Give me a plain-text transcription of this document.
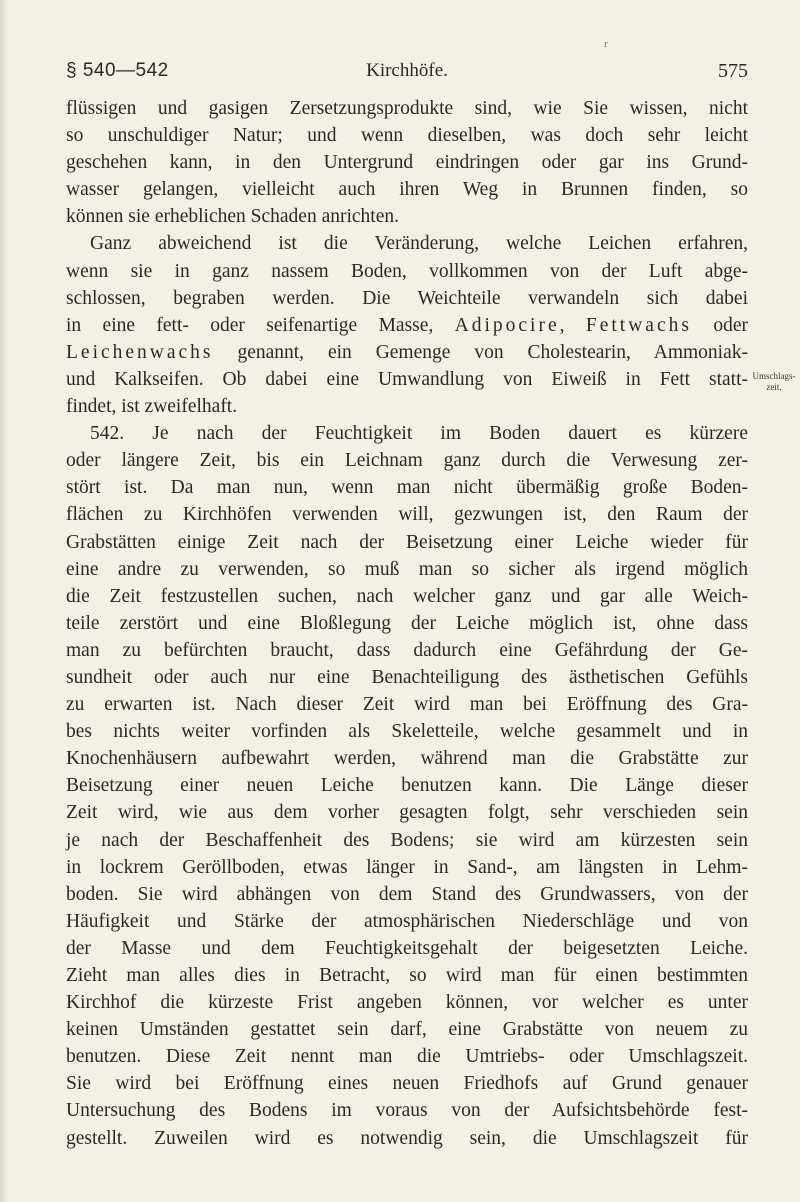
r
§ 540—542	Kirchhöfe.	575
flüssigen und gasigen Zersetzungsprodukte sind, wie Sie wissen, nicht
so unschuldiger Natur; und wenn dieselben, was doch sehr leicht
geschehen kann, in den Untergrund eindringen oder gar ins Grund-
wasser gelangen, vielleicht auch ihren Weg in Brunnen finden, so
können sie erheblichen Schaden anrichten.
Ganz abweichend ist die Veränderung, welche Leichen erfahren,
wenn sie in ganz nassem Boden, vollkommen von der Luft abge-
schlossen, begraben werden. Die Weichteile verwandeln sich dabei
in eine fett- oder seifenartige Masse, Adipocire, Fettwachs oder
Leichenwachs genannt, ein Gemenge von Cholestearin, Ammoniak-
und Kalkseifen. Ob dabei eine Umwandlung von Eiweiß in Fett statt-
findet, ist zweifelhaft.
542. Je nach der Feuchtigkeit im Boden dauert es kürzere
oder längere Zeit, bis ein Leichnam ganz durch die Verwesung zer-
stört ist. Da man nun, wenn man nicht übermäßig große Boden-
flächen zu Kirchhöfen verwenden will, gezwungen ist, den Raum der
Grabstätten einige Zeit nach der Beisetzung einer Leiche wieder für
eine andre zu verwenden, so muß man so sicher als irgend möglich
die Zeit festzustellen suchen, nach welcher ganz und gar alle Weich-
teile zerstört und eine Bloßlegung der Leiche möglich ist, ohne dass
man zu befürchten braucht, dass dadurch eine Gefährdung der Ge-
sundheit oder auch nur eine Benachteiligung des ästhetischen Gefühls
zu erwarten ist. Nach dieser Zeit wird man bei Eröffnung des Gra-
bes nichts weiter vorfinden als Skeletteile, welche gesammelt und in
Knochenhäusern aufbewahrt werden, während man die Grabstätte zur
Beisetzung einer neuen Leiche benutzen kann. Die Länge dieser
Zeit wird, wie aus dem vorher gesagten folgt, sehr verschieden sein
je nach der Beschaffenheit des Bodens; sie wird am kürzesten sein
in lockrem Geröllboden, etwas länger in Sand-, am längsten in Lehm-
boden. Sie wird abhängen von dem Stand des Grundwassers, von der
Häufigkeit und Stärke der atmosphärischen Niederschläge und von
der Masse und dem Feuchtigkeitsgehalt der beigesetzten Leiche.
Zieht man alles dies in Betracht, so wird man für einen bestimmten
Kirchhof die kürzeste Frist angeben können, vor welcher es unter
keinen Umständen gestattet sein darf, eine Grabstätte von neuem zu
benutzen. Diese Zeit nennt man die Umtriebs- oder Umschlagszeit.
Sie wird bei Eröffnung eines neuen Friedhofs auf Grund genauer
Untersuchung des Bodens im voraus von der Aufsichtsbehörde fest-
gestellt. Zuweilen wird es notwendig sein, die Umschlagszeit für
Umschlags-
zeit.
